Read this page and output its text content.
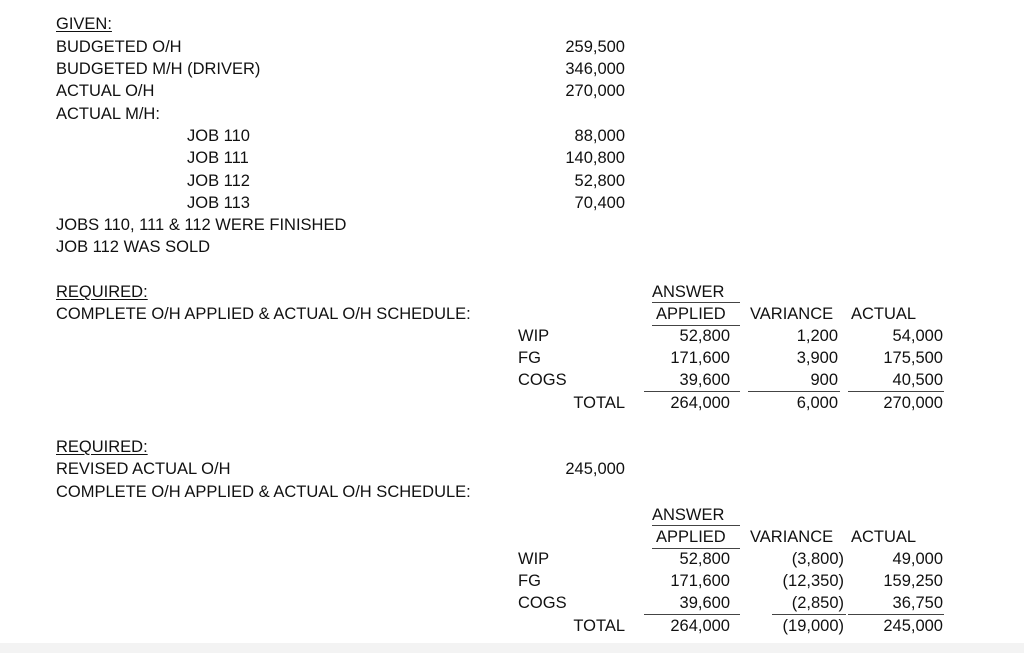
GIVEN:
BUDGETED O/H	259,500
BUDGETED M/H (DRIVER)	346,000
ACTUAL O/H	270,000
ACTUAL M/H:
JOB 110	88,000
JOB 111	140,800
JOB 112	52,800
JOB 113	70,400
JOBS 110, 111 & 112 WERE FINISHED
JOB 112 WAS SOLD
REQUIRED:
COMPLETE O/H APPLIED & ACTUAL O/H SCHEDULE:
ANSWER
APPLIED VARIANCE ACTUAL
WIP	52,800	1,200	54,000
FG	171,600	3,900	175,500
COGS	39,600	900	40,500
TOTAL	264,000	6,000	270,000
REQUIRED:
REVISED ACTUAL O/H	245,000
COMPLETE O/H APPLIED & ACTUAL O/H SCHEDULE:
ANSWER
APPLIED VARIANCE ACTUAL
WIP	52,800	(3,800)	49,000
FG	171,600	(12,350)	159,250
COGS	39,600	(2,850)	36,750
TOTAL	264,000	(19,000)	245,000
